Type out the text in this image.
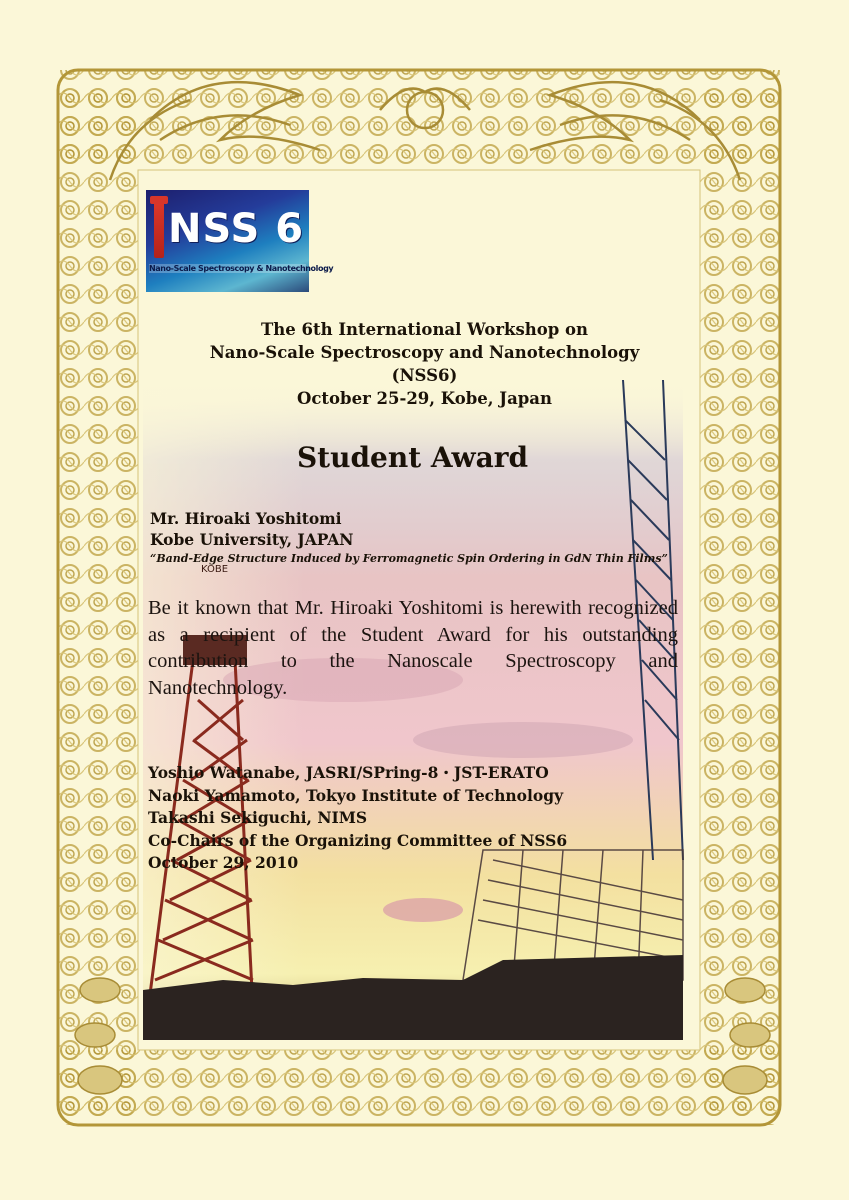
KOBE
NSS 6
Nano-Scale Spectroscopy & Nanotechnology
The 6th International Workshop on
Nano-Scale Spectroscopy and Nanotechnology
(NSS6)
October 25-29, Kobe, Japan
Student Award
Mr. Hiroaki Yoshitomi
Kobe University, JAPAN
“Band-Edge Structure Induced by Ferromagnetic Spin Ordering in GdN Thin Films”
Be it known that Mr. Hiroaki Yoshitomi is herewith recognized as a recipient of the Student Award for his outstanding contribution to the Nanoscale Spectroscopy and Nanotechnology.
Yoshio Watanabe, JASRI/SPring-8・JST-ERATO
Naoki Yamamoto, Tokyo Institute of Technology
Takashi Sekiguchi, NIMS
Co-Chairs of the Organizing Committee of NSS6
October 29, 2010
